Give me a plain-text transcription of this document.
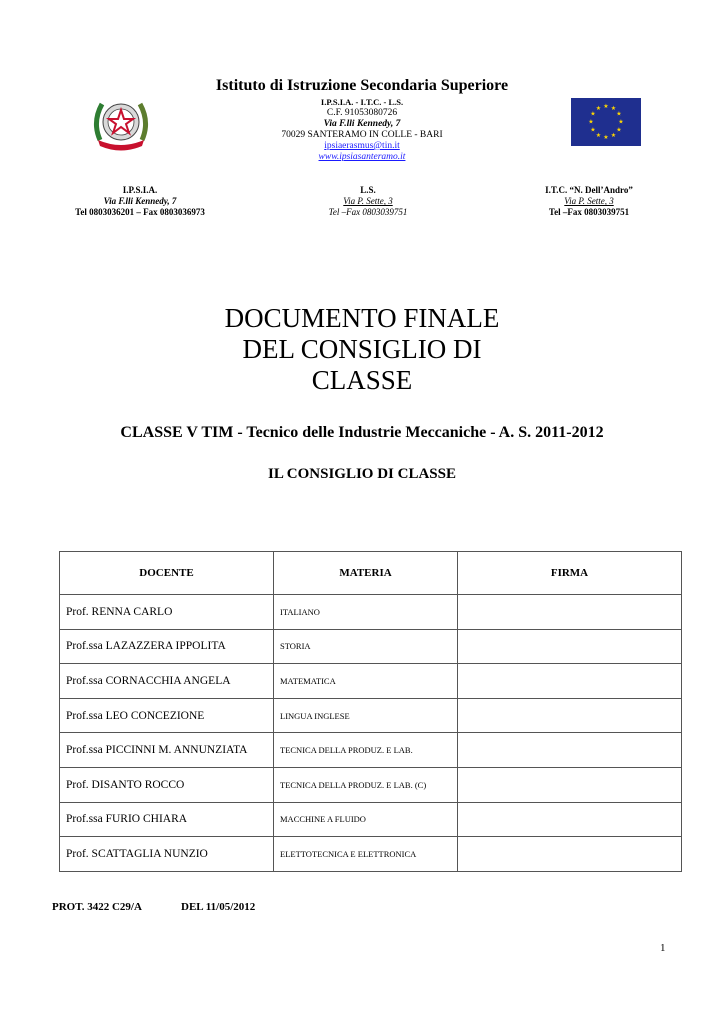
★ ★
★
★
★
★
★
★
★
★
★
★
Istituto di Istruzione Secondaria Superiore
I.P.S.I.A. - I.T.C. - L.S.
C.F. 91053080726
Via F.lli Kennedy, 7
70029 SANTERAMO IN COLLE - BARI
ipsiaerasmus@tin.it
www.ipsiasanteramo.it
I.P.S.I.A.
Via F.lli Kennedy, 7
Tel 0803036201 – Fax 0803036973
L.S.
Via P. Sette, 3
Tel –Fax 0803039751
I.T.C. “N. Dell’Andro”
Via P. Sette, 3
Tel –Fax 0803039751
DOCUMENTO FINALE
DEL CONSIGLIO DI
CLASSE
CLASSE V TIM - Tecnico delle Industrie Meccaniche - A. S. 2011-2012
IL CONSIGLIO DI CLASSE
DOCENTE	MATERIA	FIRMA
Prof. RENNA CARLO	ITALIANO	
Prof.ssa LAZAZZERA IPPOLITA	STORIA	
Prof.ssa CORNACCHIA ANGELA	MATEMATICA	
Prof.ssa LEO CONCEZIONE	LINGUA INGLESE	
Prof.ssa PICCINNI M. ANNUNZIATA	TECNICA DELLA PRODUZ. E LAB.	
Prof. DISANTO ROCCO	TECNICA DELLA PRODUZ. E LAB. (C)	
Prof.ssa FURIO CHIARA	MACCHINE A FLUIDO	
Prof. SCATTAGLIA NUNZIO	ELETTOTECNICA E ELETTRONICA	
PROT. 3422 C29/A	DEL 11/05/2012
1
